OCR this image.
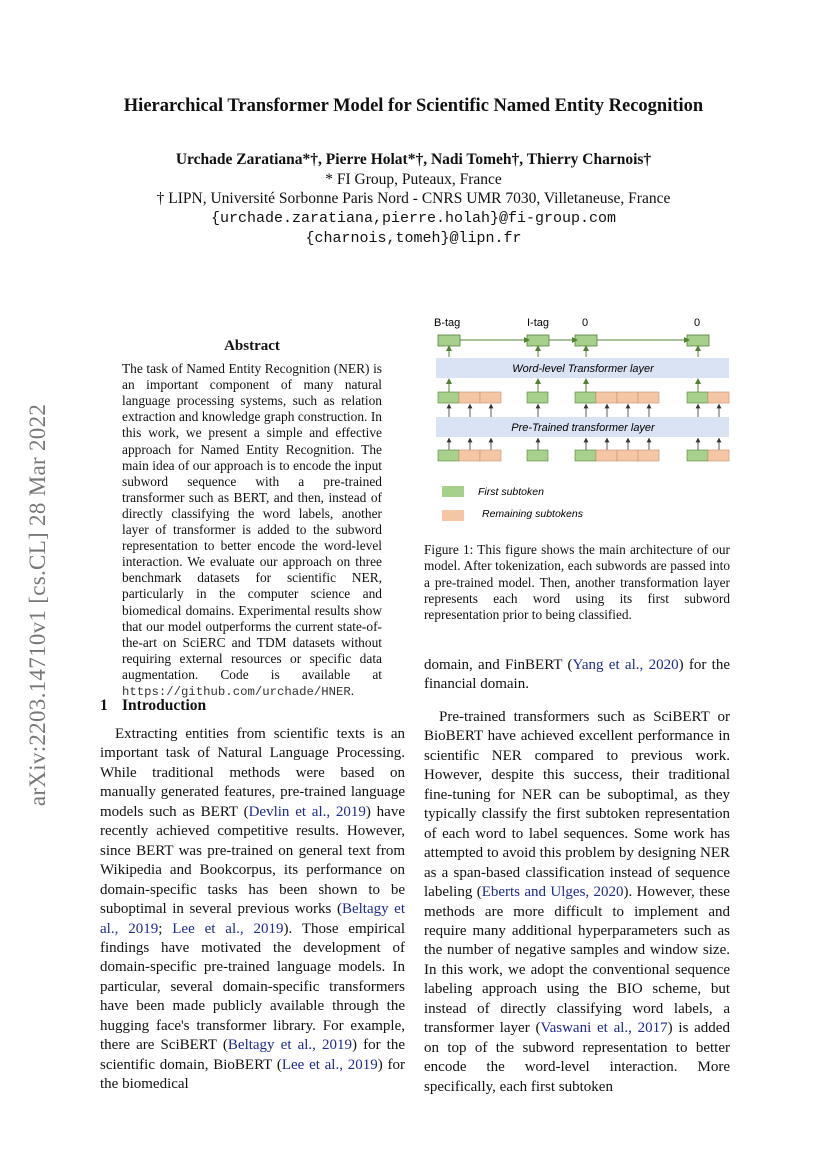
arXiv:2203.14710v1 [cs.CL] 28 Mar 2022
Hierarchical Transformer Model for Scientific Named Entity Recognition
Urchade Zaratiana*†, Pierre Holat*†, Nadi Tomeh†, Thierry Charnois†
* FI Group, Puteaux, France
† LIPN, Université Sorbonne Paris Nord - CNRS UMR 7030, Villetaneuse, France
{urchade.zaratiana,pierre.holah}@fi-group.com
{charnois,tomeh}@lipn.fr
Abstract
The task of Named Entity Recognition (NER) is an important component of many natural language processing systems, such as relation extraction and knowledge graph construction. In this work, we present a simple and effective approach for Named Entity Recognition. The main idea of our approach is to encode the input subword sequence with a pre-trained transformer such as BERT, and then, instead of directly classifying the word labels, another layer of transformer is added to the subword representation to better encode the word-level interaction. We evaluate our approach on three benchmark datasets for scientific NER, particularly in the computer science and biomedical domains. Experimental results show that our model outperforms the current state-of-the-art on SciERC and TDM datasets without requiring external resources or specific data augmentation. Code is available at https://github.com/urchade/HNER.
B-tag	I-tag	0	0
Word-level Transformer layer
Pre-Trained transformer layer
First subtoken
Remaining subtokens
Figure 1: This figure shows the main architecture of our model. After tokenization, each subwords are passed into a pre-trained model. Then, another transformation layer represents each word using its first subword representation prior to being classified.
1 Introduction
Extracting entities from scientific texts is an important task of Natural Language Processing. While traditional methods were based on manually generated features, pre-trained language models such as BERT (Devlin et al., 2019) have recently achieved competitive results. However, since BERT was pre-trained on general text from Wikipedia and Bookcorpus, its performance on domain-specific tasks has been shown to be suboptimal in several previous works (Beltagy et al., 2019; Lee et al., 2019). Those empirical findings have motivated the development of domain-specific pre-trained language models. In particular, several domain-specific transformers have been made publicly available through the hugging face's transformer library. For example, there are SciBERT (Beltagy et al., 2019) for the scientific domain, BioBERT (Lee et al., 2019) for the biomedical
domain, and FinBERT (Yang et al., 2020) for the financial domain.
Pre-trained transformers such as SciBERT or BioBERT have achieved excellent performance in scientific NER compared to previous work. However, despite this success, their traditional fine-tuning for NER can be suboptimal, as they typically classify the first subtoken representation of each word to label sequences. Some work has attempted to avoid this problem by designing NER as a span-based classification instead of sequence labeling (Eberts and Ulges, 2020). However, these methods are more difficult to implement and require many additional hyperparameters such as the number of negative samples and window size. In this work, we adopt the conventional sequence labeling approach using the BIO scheme, but instead of directly classifying word labels, a transformer layer (Vaswani et al., 2017) is added on top of the subword representation to better encode the word-level interaction. More specifically, each first subtoken
